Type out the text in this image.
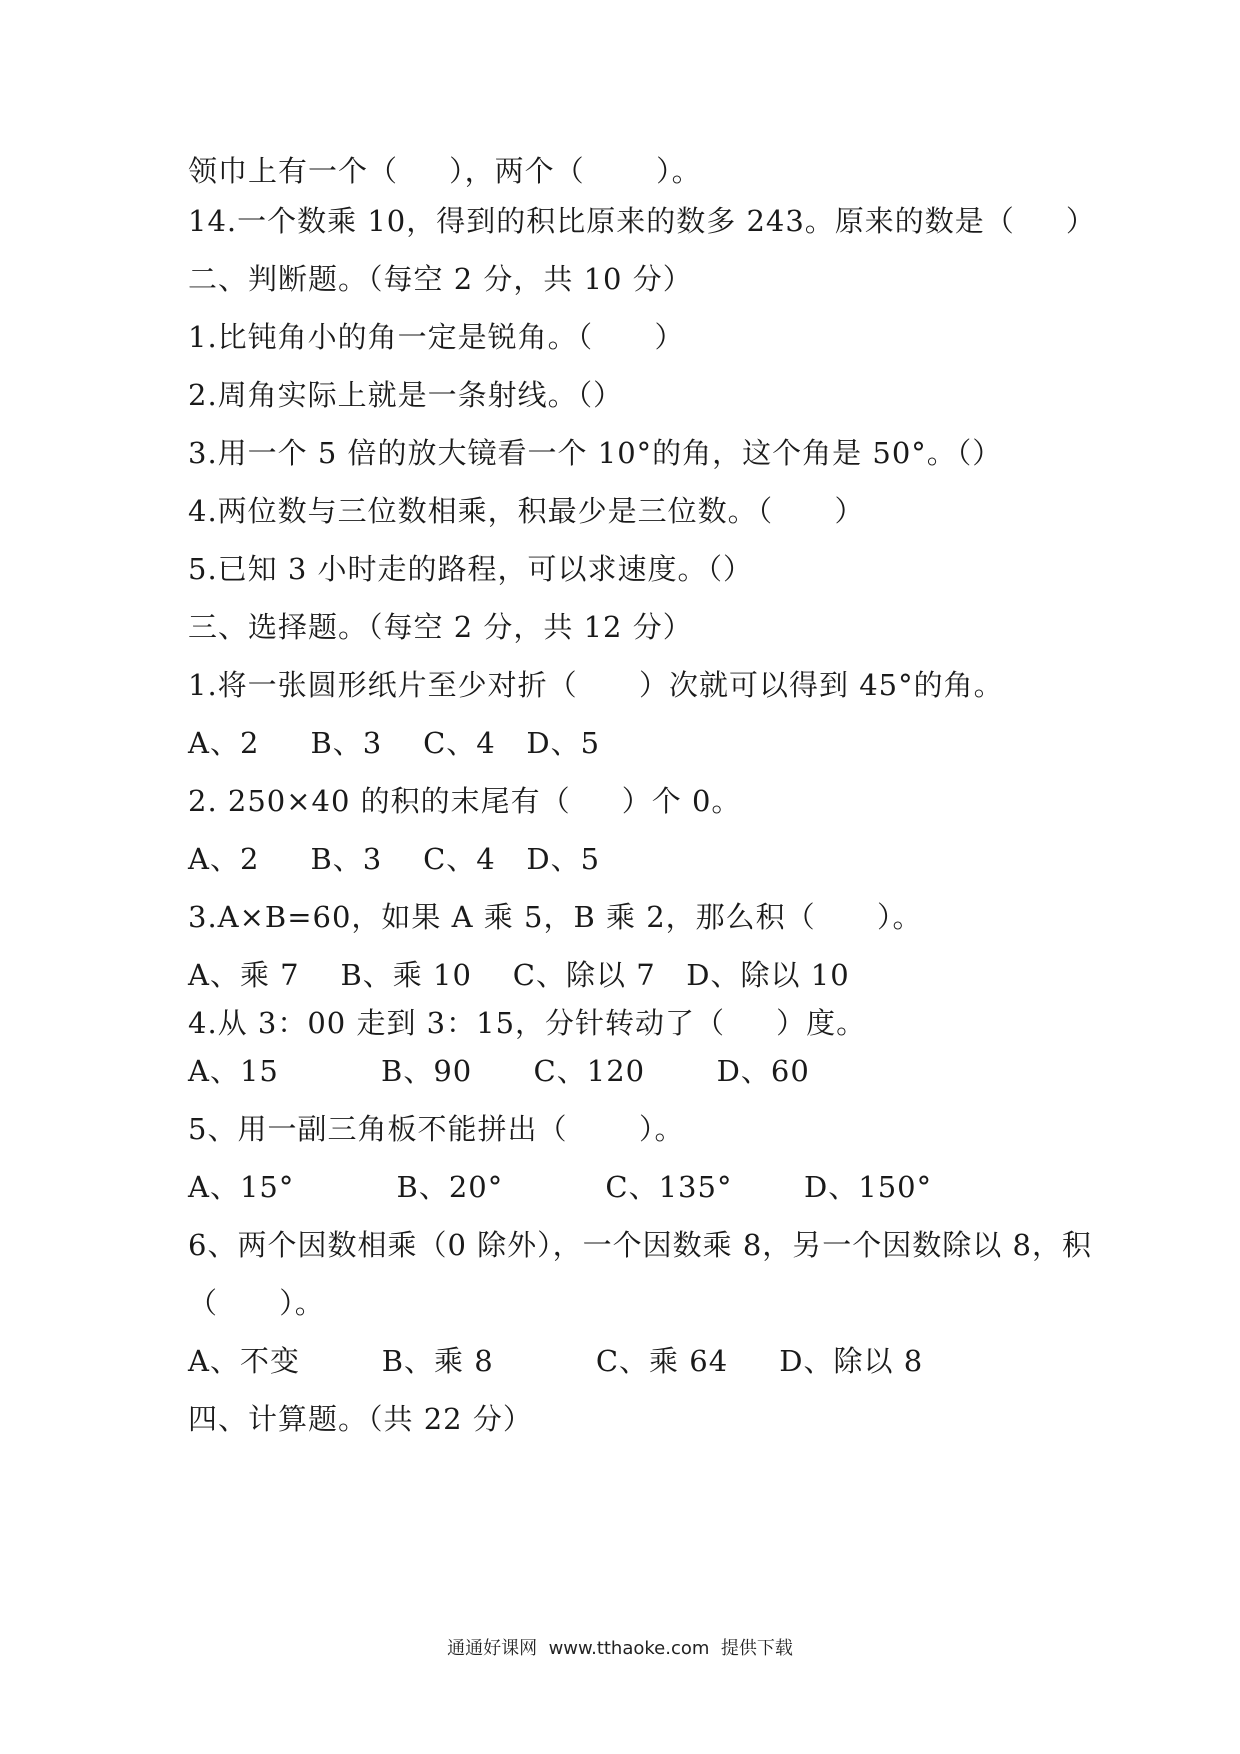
领巾上有一个（     ），两个（       ）。
14.一个数乘 10，得到的积比原来的数多 243。原来的数是（     ）
二、判断题。（每空 2 分，共 10 分）
1.比钝角小的角一定是锐角。（      ）
2.周角实际上就是一条射线。（）
3.用一个 5 倍的放大镜看一个 10°的角，这个角是 50°。（）
4.两位数与三位数相乘，积最少是三位数。（      ）
5.已知 3 小时走的路程，可以求速度。（）
三、选择题。（每空 2 分，共 12 分）
1.将一张圆形纸片至少对折（      ）次就可以得到 45°的角。
A、2     B、3    C、4   D、5
2. 250×40 的积的末尾有（     ）个 0。
A、2     B、3    C、4   D、5
3.A×B=60，如果 A 乘 5，B 乘 2，那么积（      ）。
A、乘 7    B、乘 10    C、除以 7   D、除以 10
4.从 3：00 走到 3：15，分针转动了（     ）度。
A、15          B、90      C、120       D、60
5、用一副三角板不能拼出（       ）。
A、15°          B、20°          C、135°       D、150°
6、两个因数相乘（0 除外），一个因数乘 8，另一个因数除以 8，积
（      ）。
A、不变        B、乘 8          C、乘 64     D、除以 8
四、计算题。（共 22 分）
通通好课网  www.tthaoke.com  提供下载
